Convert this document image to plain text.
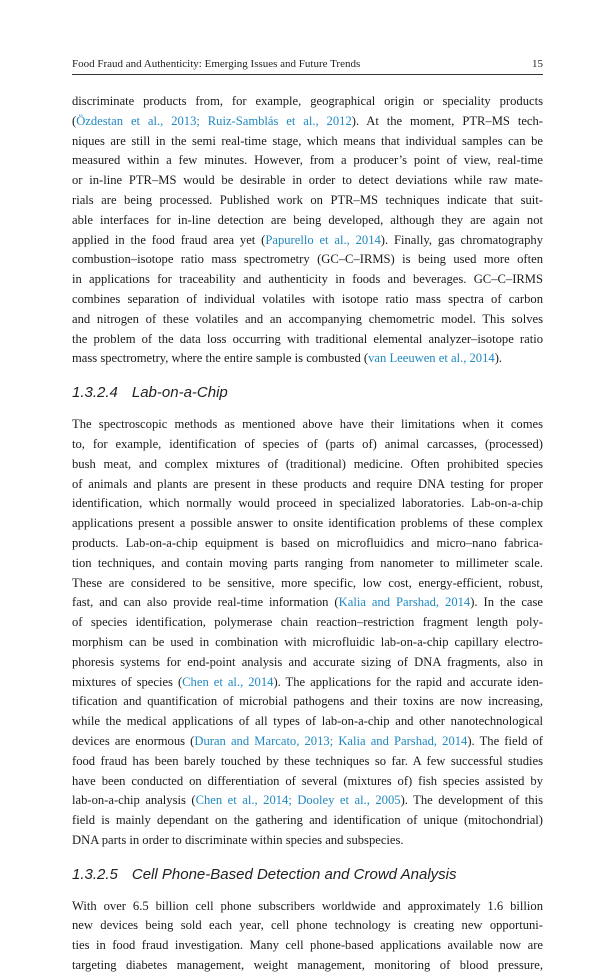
Food Fraud and Authenticity: Emerging Issues and Future Trends	15

discriminate products from, for example, geographical origin or speciality products
(Özdestan et al., 2013; Ruiz-Samblás et al., 2012). At the moment, PTR–MS tech-
niques are still in the semi real-time stage, which means that individual samples can be
measured within a few minutes. However, from a producer’s point of view, real-time
or in-line PTR–MS would be desirable in order to detect deviations while raw mate-
rials are being processed. Published work on PTR–MS techniques indicate that suit-
able interfaces for in-line detection are being developed, although they are again not
applied in the food fraud area yet (Papurello et al., 2014). Finally, gas chromatography
combustion–isotope ratio mass spectrometry (GC–C–IRMS) is being used more often
in applications for traceability and authenticity in foods and beverages. GC–C–IRMS
combines separation of individual volatiles with isotope ratio mass spectra of carbon
and nitrogen of these volatiles and an accompanying chemometric model. This solves
the problem of the data loss occurring with traditional elemental analyzer–isotope ratio
mass spectrometry, where the entire sample is combusted (van Leeuwen et al., 2014).

1.3.2.4 Lab-on-a-Chip

The spectroscopic methods as mentioned above have their limitations when it comes
to, for example, identification of species of (parts of) animal carcasses, (processed)
bush meat, and complex mixtures of (traditional) medicine. Often prohibited species
of animals and plants are present in these products and require DNA testing for proper
identification, which normally would proceed in specialized laboratories. Lab-on-a-chip
applications present a possible answer to onsite identification problems of these complex
products. Lab-on-a-chip equipment is based on microfluidics and micro–nano fabrica-
tion techniques, and contain moving parts ranging from nanometer to millimeter scale.
These are considered to be sensitive, more specific, low cost, energy-efficient, robust,
fast, and can also provide real-time information (Kalia and Parshad, 2014). In the case
of species identification, polymerase chain reaction–restriction fragment length poly-
morphism can be used in combination with microfluidic lab-on-a-chip capillary electro-
phoresis systems for end-point analysis and accurate sizing of DNA fragments, also in
mixtures of species (Chen et al., 2014). The applications for the rapid and accurate iden-
tification and quantification of microbial pathogens and their toxins are now increasing,
while the medical applications of all types of lab-on-a-chip and other nanotechnological
devices are enormous (Duran and Marcato, 2013; Kalia and Parshad, 2014). The field of
food fraud has been barely touched by these techniques so far. A few successful studies
have been conducted on differentiation of several (mixtures of) fish species assisted by
lab-on-a-chip analysis (Chen et al., 2014; Dooley et al., 2005). The development of this
field is mainly dependant on the gathering and identification of unique (mitochondrial)
DNA parts in order to discriminate within species and subspecies.

1.3.2.5 Cell Phone-Based Detection and Crowd Analysis

With over 6.5 billion cell phone subscribers worldwide and approximately 1.6 billion
new devices being sold each year, cell phone technology is creating new opportuni-
ties in food fraud investigation. Many cell phone-based applications available now are
targeting diabetes management, weight management, monitoring of blood pressure,
